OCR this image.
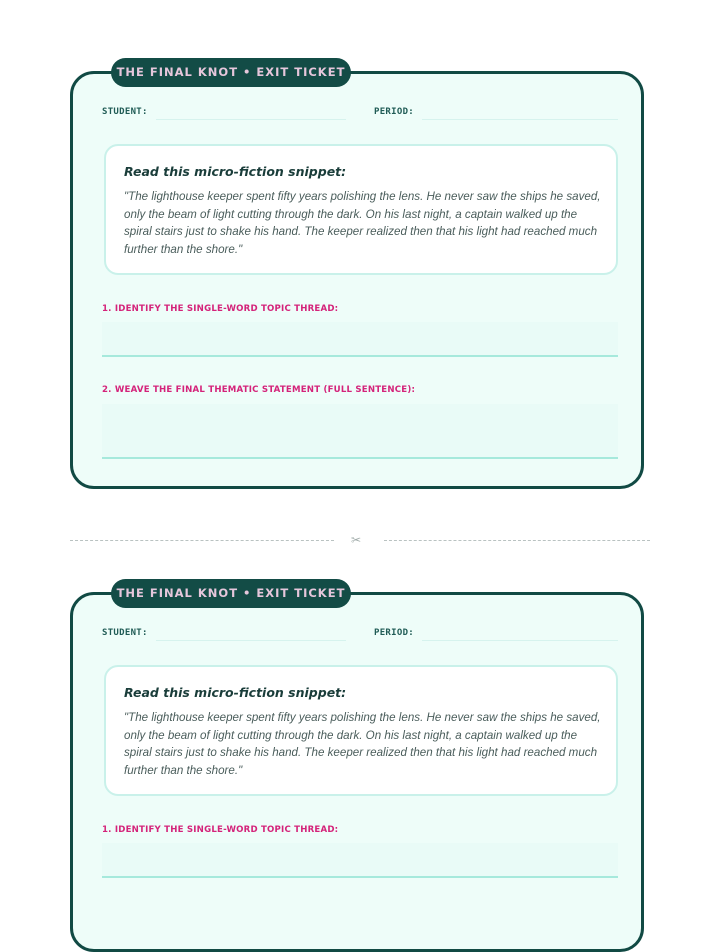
THE FINAL KNOT • EXIT TICKET
STUDENT:	PERIOD:
Read this micro-fiction snippet:

"The lighthouse keeper spent fifty years polishing the lens. He never saw the ships he saved, only the beam of light cutting through the dark. On his last night, a captain walked up the spiral stairs just to shake his hand. The keeper realized then that his light had reached much further than the shore."

1. IDENTIFY THE SINGLE-WORD TOPIC THREAD:
2. WEAVE THE FINAL THEMATIC STATEMENT (FULL SENTENCE):
✂
THE FINAL KNOT • EXIT TICKET
STUDENT:	PERIOD:
Read this micro-fiction snippet:

"The lighthouse keeper spent fifty years polishing the lens. He never saw the ships he saved, only the beam of light cutting through the dark. On his last night, a captain walked up the spiral stairs just to shake his hand. The keeper realized then that his light had reached much further than the shore."

1. IDENTIFY THE SINGLE-WORD TOPIC THREAD:
